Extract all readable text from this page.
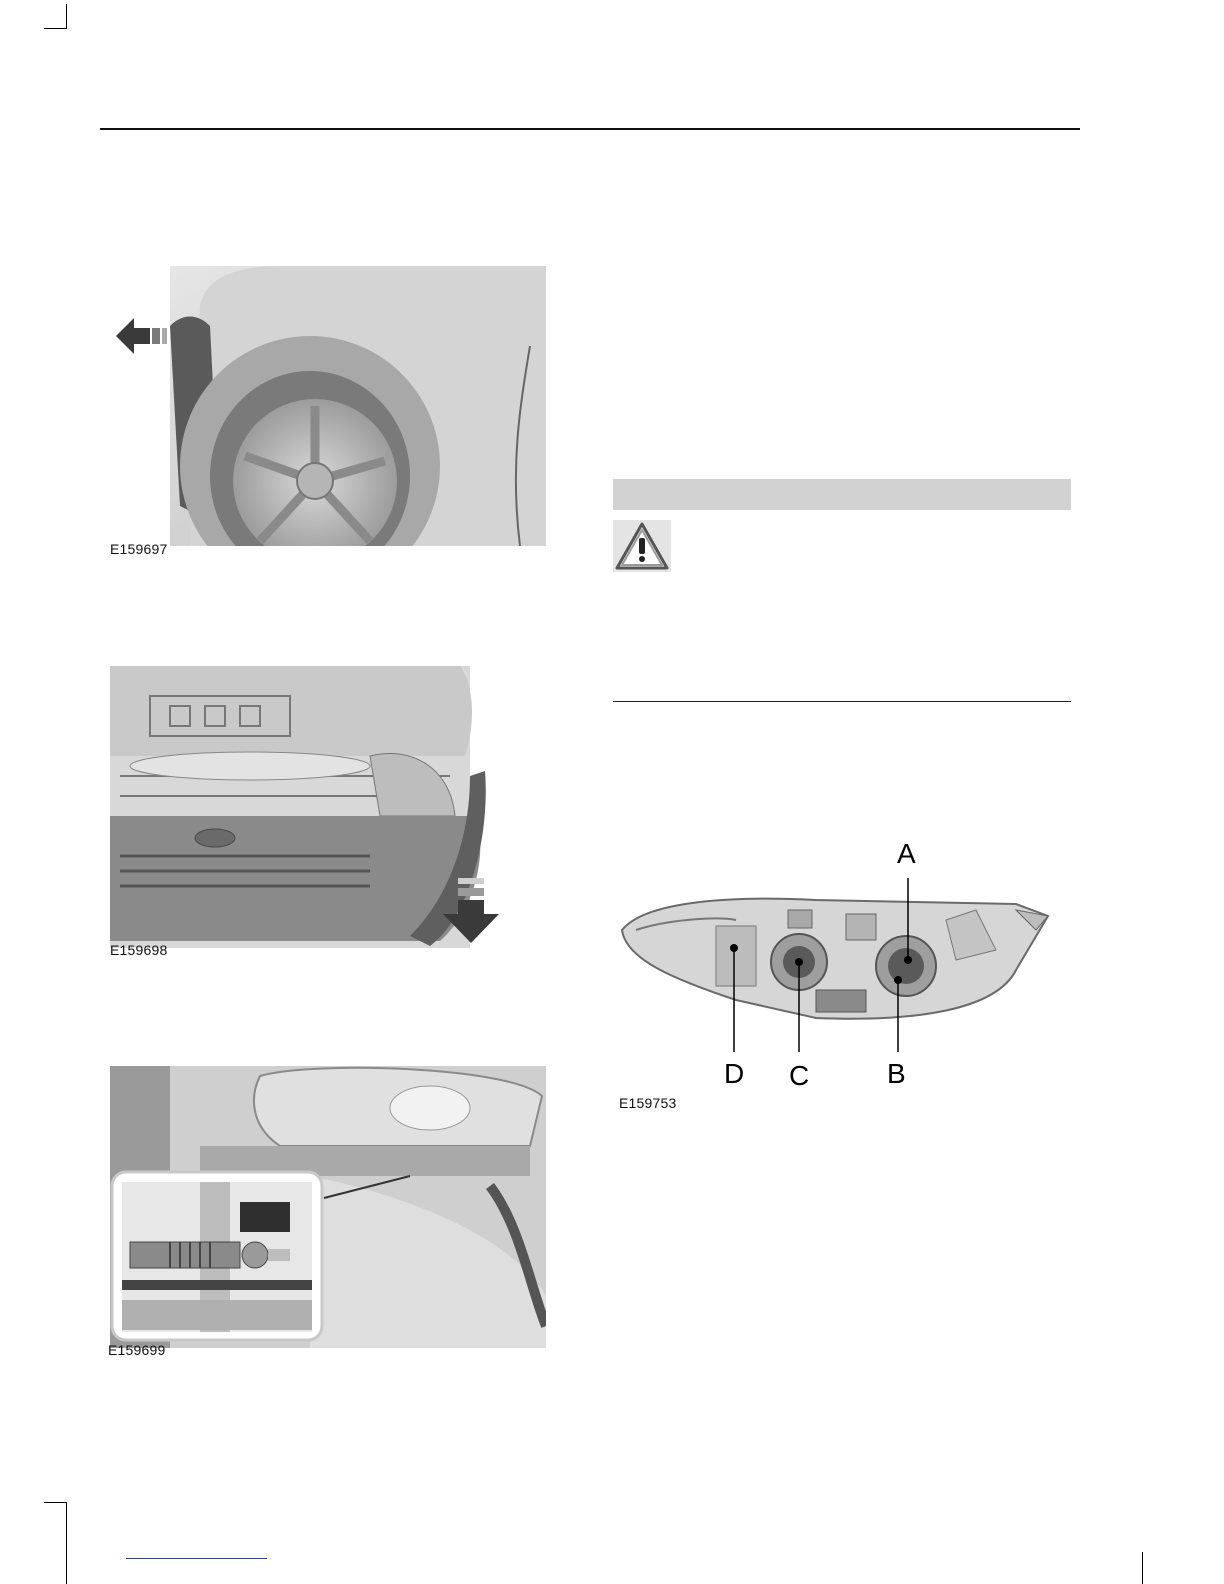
E159697
E159698
E159699
A
B
C
D
E159753
